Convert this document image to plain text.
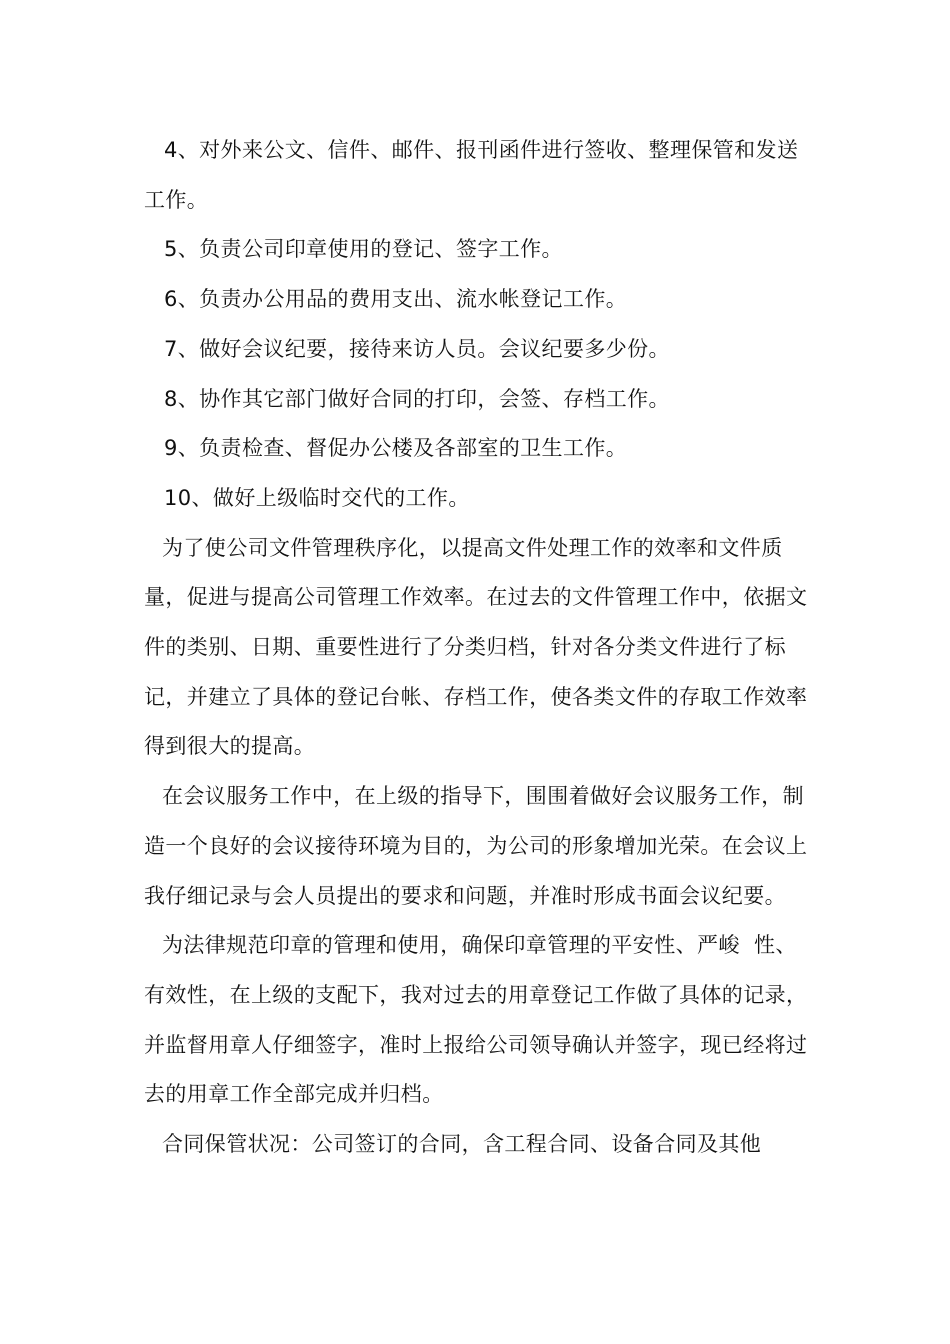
4、对外来公文、信件、邮件、报刊函件进行签收、整理保管和发送工作。

5、负责公司印章使用的登记、签字工作。

6、负责办公用品的费用支出、流水帐登记工作。

7、做好会议纪要，接待来访人员。会议纪要多少份。

8、协作其它部门做好合同的打印，会签、存档工作。

9、负责检查、督促办公楼及各部室的卫生工作。

10、做好上级临时交代的工作。

为了使公司文件管理秩序化，以提高文件处理工作的效率和文件质量，促进与提高公司管理工作效率。在过去的文件管理工作中，依据文件的类别、日期、重要性进行了分类归档，针对各分类文件进行了标记，并建立了具体的登记台帐、存档工作，使各类文件的存取工作效率得到很大的提高。

在会议服务工作中，在上级的指导下，围围着做好会议服务工作，制造一个良好的会议接待环境为目的，为公司的形象增加光荣。在会议上我仔细记录与会人员提出的要求和问题，并准时形成书面会议纪要。

为法律规范印章的管理和使用，确保印章管理的平安性、严峻  性、有效性，在上级的支配下，我对过去的用章登记工作做了具体的记录，并监督用章人仔细签字，准时上报给公司领导确认并签字，现已经将过去的用章工作全部完成并归档。

合同保管状况：公司签订的合同，含工程合同、设备合同及其他
